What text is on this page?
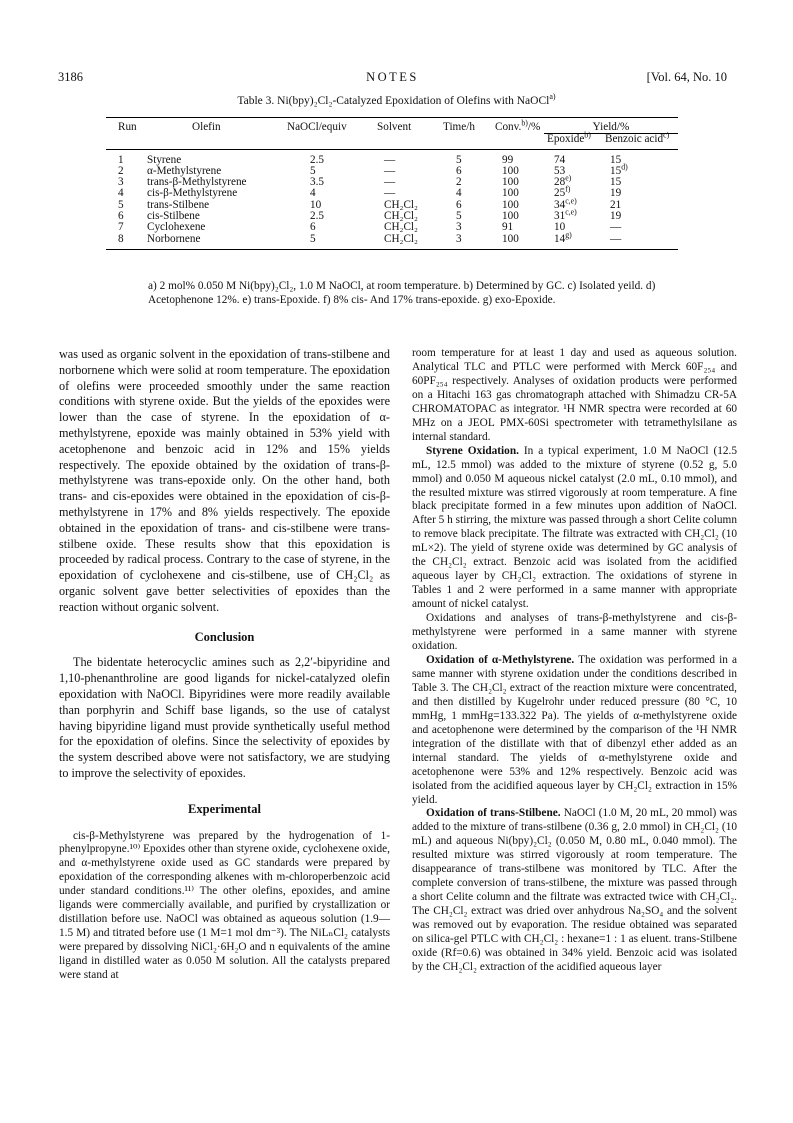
3186	NOTES	[Vol. 64, No. 10
Table 3. Ni(bpy)₂Cl₂-Catalyzed Epoxidation of Olefins with NaOCl$^{a)}$
Run	Olefin	NaOCl/equiv	Solvent	Time/h	Conv.$^{b)}$/%	Yield/%	
						Epoxide$^{b)}$	Benzoic acid$^{c)}$
1	Styrene	2.5	—	5	99	74	15
2	α-Methylstyrene	5	—	6	100	53	15$^{d)}$
3	trans-β-Methylstyrene	3.5	—	2	100	28$^{e)}$	15
4	cis-β-Methylstyrene	4	—	4	100	25$^{f)}$	19
5	trans-Stilbene	10	CH₂Cl₂	6	100	34$^{c,e)}$	21
6	cis-Stilbene	2.5	CH₂Cl₂	5	100	31$^{c,e)}$	19
7	Cyclohexene	6	CH₂Cl₂	3	91	10	—
8	Norbornene	5	CH₂Cl₂	3	100	14$^{g)}$	—
a) 2 mol% 0.050 M Ni(bpy)₂Cl₂, 1.0 M NaOCl, at room temperature. b) Determined by GC. c) Isolated yeild. d) Acetophenone 12%. e) trans-Epoxide. f) 8% cis- And 17% trans-epoxide. g) exo-Epoxide.

was used as organic solvent in the epoxidation of trans-stilbene and norbornene which were solid at room temperature. The epoxidation of olefins were proceeded smoothly under the same reaction conditions with styrene oxide. But the yields of the epoxides were lower than the case of styrene. In the epoxidation of α-methylstyrene, epoxide was mainly obtained in 53% yield with acetophenone and benzoic acid in 12% and 15% yields respectively. The epoxide obtained by the oxidation of trans-β-methylstyrene was trans-epoxide only. On the other hand, both trans- and cis-epoxides were obtained in the epoxidation of cis-β-methylstyrene in 17% and 8% yields respectively. The epoxide obtained in the epoxidation of trans- and cis-stilbene were trans-stilbene oxide. These results show that this epoxidation is proceeded by radical process. Contrary to the case of styrene, in the epoxidation of cyclohexene and cis-stilbene, use of CH₂Cl₂ as organic solvent gave better selectivities of epoxides than the reaction without organic solvent.

Conclusion

The bidentate heterocyclic amines such as 2,2′-bipyridine and 1,10-phenanthroline are good ligands for nickel-catalyzed olefin epoxidation with NaOCl. Bipyridines were more readily available than porphyrin and Schiff base ligands, so the use of catalyst having bipyridine ligand must provide synthetically useful method for the epoxidation of olefins. Since the selectivity of epoxides by the system described above were not satisfactory, we are studying to improve the selectivity of epoxides.

Experimental

cis-β-Methylstyrene was prepared by the hydrogenation of 1-phenylpropyne.¹⁰⁾ Epoxides other than styrene oxide, cyclohexene oxide, and α-methylstyrene oxide used as GC standards were prepared by epoxidation of the corresponding alkenes with m-chloroperbenzoic acid under standard conditions.¹¹⁾ The other olefins, epoxides, and amine ligands were commercially available, and purified by crystallization or distillation before use. NaOCl was obtained as aqueous solution (1.9—1.5 M) and titrated before use (1 M=1 mol dm⁻³). The NiLₙCl₂ catalysts were prepared by dissolving NiCl₂·6H₂O and n equivalents of the amine ligand in distilled water as 0.050 M solution. All the catalysts prepared were stand at

room temperature for at least 1 day and used as aqueous solution. Analytical TLC and PTLC were performed with Merck 60F₂₅₄ and 60PF₂₅₄ respectively. Analyses of oxidation products were performed on a Hitachi 163 gas chromatograph attached with Shimadzu CR-5A CHROMATOPAC as integrator. ¹H NMR spectra were recorded at 60 MHz on a JEOL PMX-60Si spectrometer with tetramethylsilane as internal standard.

Styrene Oxidation. In a typical experiment, 1.0 M NaOCl (12.5 mL, 12.5 mmol) was added to the mixture of styrene (0.52 g, 5.0 mmol) and 0.050 M aqueous nickel catalyst (2.0 mL, 0.10 mmol), and the resulted mixture was stirred vigorously at room temperature. A fine black precipitate formed in a few minutes upon addition of NaOCl. After 5 h stirring, the mixture was passed through a short Celite column to remove black precipitate. The filtrate was extracted with CH₂Cl₂ (10 mL×2). The yield of styrene oxide was determined by GC analysis of the CH₂Cl₂ extract. Benzoic acid was isolated from the acidified aqueous layer by CH₂Cl₂ extraction. The oxidations of styrene in Tables 1 and 2 were performed in a same manner with appropriate amount of nickel catalyst.

Oxidations and analyses of trans-β-methylstyrene and cis-β-methylstyrene were performed in a same manner with styrene oxidation.

Oxidation of α-Methylstyrene. The oxidation was performed in a same manner with styrene oxidation under the conditions described in Table 3. The CH₂Cl₂ extract of the reaction mixture were concentrated, and then distilled by Kugelrohr under reduced pressure (80 °C, 10 mmHg, 1 mmHg=133.322 Pa). The yields of α-methylstyrene oxide and acetophenone were determined by the comparison of the ¹H NMR integration of the distillate with that of dibenzyl ether added as an internal standard. The yields of α-methylstyrene oxide and acetophenone were 53% and 12% respectively. Benzoic acid was isolated from the acidified aqueous layer by CH₂Cl₂ extraction in 15% yield.

Oxidation of trans-Stilbene. NaOCl (1.0 M, 20 mL, 20 mmol) was added to the mixture of trans-stilbene (0.36 g, 2.0 mmol) in CH₂Cl₂ (10 mL) and aqueous Ni(bpy)₂Cl₂ (0.050 M, 0.80 mL, 0.040 mmol). The resulted mixture was stirred vigorously at room temperature. The disappearance of trans-stilbene was monitored by TLC. After the complete conversion of trans-stilbene, the mixture was passed through a short Celite column and the filtrate was extracted twice with CH₂Cl₂. The CH₂Cl₂ extract was dried over anhydrous Na₂SO₄ and the solvent was removed out by evaporation. The residue obtained was separated on silica-gel PTLC with CH₂Cl₂ : hexane=1 : 1 as eluent. trans-Stilbene oxide (Rf=0.6) was obtained in 34% yield. Benzoic acid was isolated by the CH₂Cl₂ extraction of the acidified aqueous layer
